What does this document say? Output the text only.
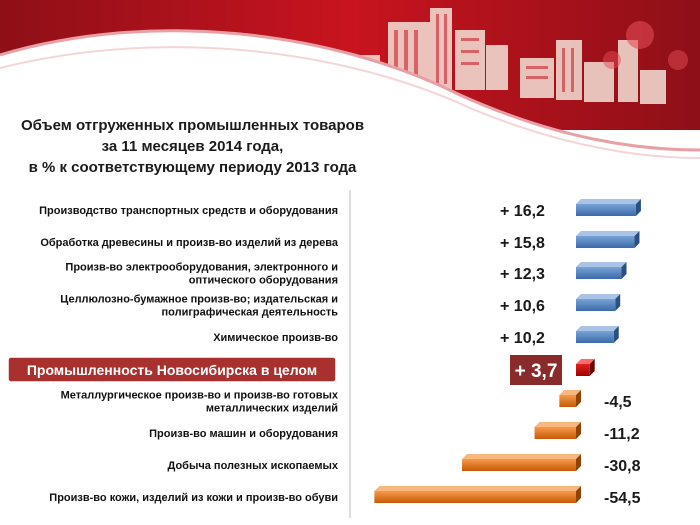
Объем отгруженных промышленных товаров
за 11 месяцев 2014 года,
в % к соответствующему периоду 2013 года
+ 16,2
Производство транспортных средств и оборудования
+ 15,8
Обработка древесины и произв-во изделий из дерева
+ 12,3
Произв-во электрооборудования, электронного и оптического оборудования
+ 10,6
Целлюлозно-бумажное произв-во; издательская и полиграфическая деятельность
+ 10,2
Химическое произв-во
+ 3,7
Промышленность Новосибирска в целом
-4,5
Металлургическое произв-во и произв-во готовых металлических изделий
-11,2
Произв-во машин и оборудования
-30,8
Добыча полезных ископаемых
-54,5
Произв-во кожи, изделий из кожи и произв-во обуви
